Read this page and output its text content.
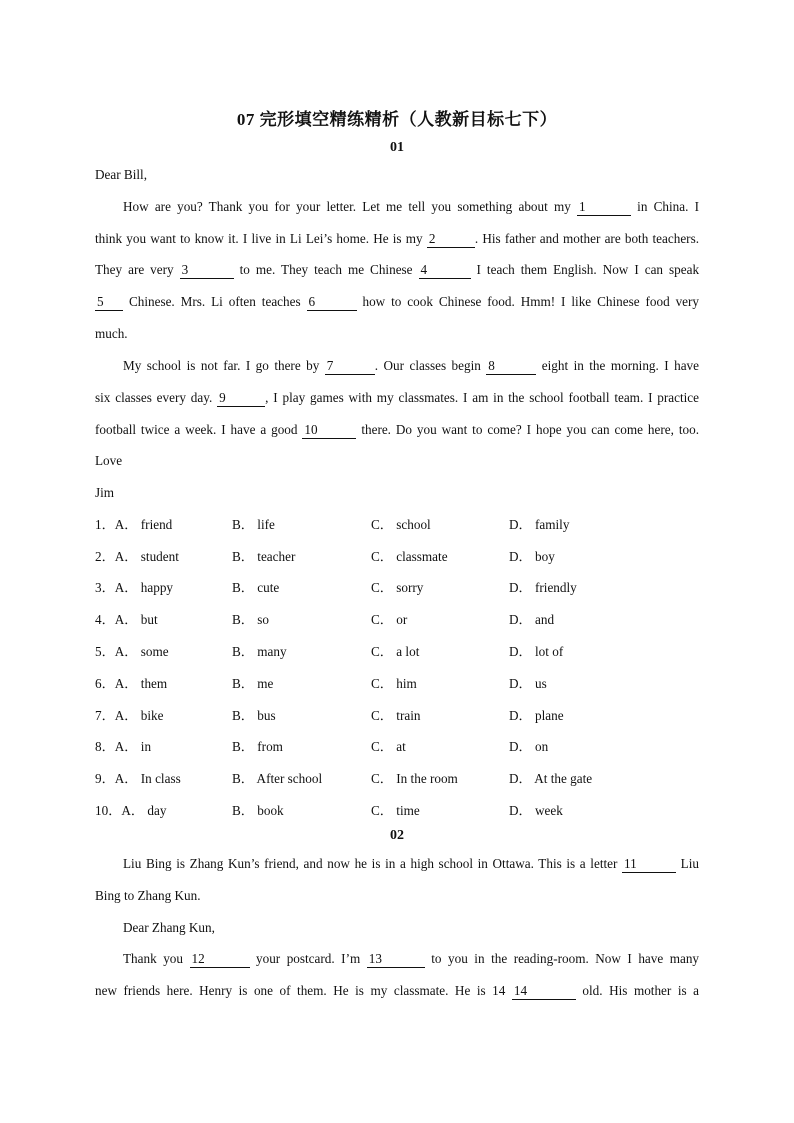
07 完形填空精练精析（人教新目标七下）
01
Dear Bill,
How are you? Thank you for your letter. Let me tell you something about my 1	in China. I
think you want to know it. I live in Li Lei’s home. He is my 2	. His father and mother are both teachers.
They are very 3	to me. They teach me Chinese 4	I teach them English. Now I can speak
5 Chinese. Mrs. Li often teaches 6	how to cook Chinese food. Hmm! I like Chinese food very
much.
My school is not far. I go there by 7	. Our classes begin 8	eight in the morning. I have
six classes every day. 9	, I play games with my classmates. I am in the school football team. I practice
football twice a week. I have a good 10	there. Do you want to come? I hope you can come here, too.
Love
Jim
1．A． friend	B． life	C． school	D． family
2．A． student	B． teacher	C． classmate	D． boy
3．A． happy	B． cute	C． sorry	D． friendly
4．A． but	B． so	C． or	D． and
5．A． some	B． many	C． a lot	D． lot of
6．A． them	B． me	C． him	D． us
7．A． bike	B． bus	C． train	D． plane
8．A． in	B． from	C． at	D． on
9．A． In class	B． After school	C． In the room	D． At the gate
10．A． day	B． book	C． time	D． week
02
Liu Bing is Zhang Kun’s friend, and now he is in a high school in Ottawa. This is a letter 11	Liu
Bing to Zhang Kun.
Dear Zhang Kun,
Thank you 12	your postcard. I’m 13	to you in the reading-room. Now I have many
new friends here. Henry is one of them. He is my classmate. He is 14 14	old. His mother is a
